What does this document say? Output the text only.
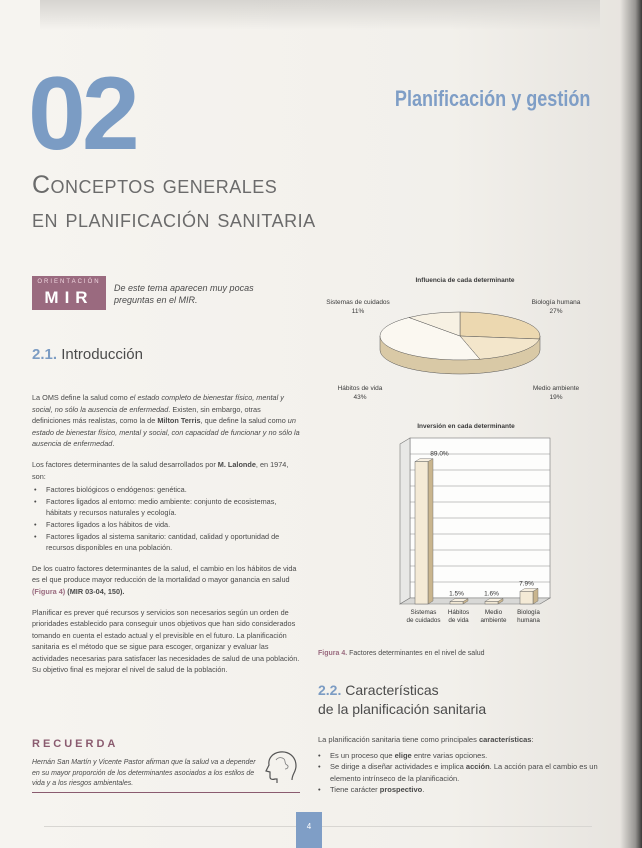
02	Planificación y gestión
Conceptos generales
en planificación sanitaria
ORIENTACIÓN
MIR	De este tema aparecen muy pocas preguntas en el MIR.
2.1. Introducción

La OMS define la salud como el estado completo de bienestar físico, mental y social, no sólo la ausencia de enfermedad. Existen, sin embargo, otras definiciones más realistas, como la de Milton Terris, que define la salud como un estado de bienestar físico, mental y social, con capacidad de funcionar y no sólo la ausencia de enfermedad.

Los factores determinantes de la salud desarrollados por M. Lalonde, en 1974, son:

• Factores biológicos o endógenos: genética.
• Factores ligados al entorno: medio ambiente: conjunto de ecosistemas, hábitats y recursos naturales y ecología.
• Factores ligados a los hábitos de vida.
• Factores ligados al sistema sanitario: cantidad, calidad y oportunidad de recursos disponibles en una población.

De los cuatro factores determinantes de la salud, el cambio en los hábitos de vida es el que produce mayor reducción de la mortalidad o mayor ganancia en salud (Figura 4) (MIR 03-04, 150).

Planificar es prever qué recursos y servicios son necesarios según un orden de prioridades establecido para conseguir unos objetivos que han sido considerados tomando en cuenta el estado actual y el previsible en el futuro. La planificación sanitaria es el método que se sigue para escoger, organizar y evaluar las actividades necesarias para satisfacer las necesidades de salud de una población. Su objetivo final es mejorar el nivel de salud de la población.

RECUERDA
Hernán San Martín y Vicente Pastor afirman que la salud va a depender en su mayor proporción de los determinantes asociados a los estilos de vida y a los riesgos ambientales.
Influencia de cada determinante
Sistemas de cuidados
11%
Biología humana
27%
Hábitos de vida
43%
Medio ambiente
19%
Inversión en cada determinante
89.0%
Sistemas
de cuidados
1.5%
Hábitos
de vida
1.6%
Medio
ambiente
7.9%
Biología
humana
Figura 4. Factores determinantes en el nivel de salud
2.2. Características
de la planificación sanitaria

La planificación sanitaria tiene como principales características:

• Es un proceso que elige entre varias opciones.
• Se dirige a diseñar actividades e implica acción. La acción para el cambio es un elemento intrínseco de la planificación.
• Tiene carácter prospectivo.
4
